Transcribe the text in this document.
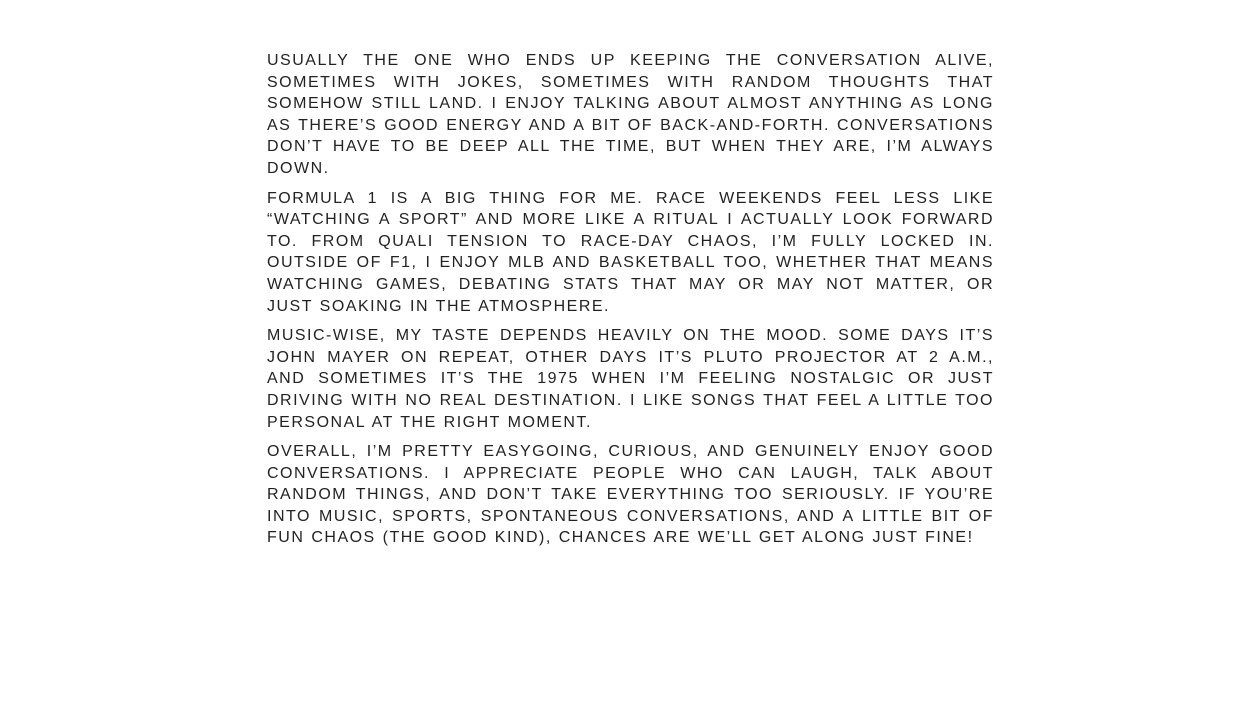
USUALLY THE ONE WHO ENDS UP KEEPING THE CONVERSATION ALIVE, SOMETIMES WITH JOKES, SOMETIMES WITH RANDOM THOUGHTS THAT SOMEHOW STILL LAND. I ENJOY TALKING ABOUT ALMOST ANYTHING AS LONG AS THERE’S GOOD ENERGY AND A BIT OF BACK-AND-FORTH. CONVERSATIONS DON’T HAVE TO BE DEEP ALL THE TIME, BUT WHEN THEY ARE, I’M ALWAYS DOWN.

FORMULA 1 IS A BIG THING FOR ME. RACE WEEKENDS FEEL LESS LIKE “WATCHING A SPORT” AND MORE LIKE A RITUAL I ACTUALLY LOOK FORWARD TO. FROM QUALI TENSION TO RACE-DAY CHAOS, I’M FULLY LOCKED IN. OUTSIDE OF F1, I ENJOY MLB AND BASKETBALL TOO, WHETHER THAT MEANS WATCHING GAMES, DEBATING STATS THAT MAY OR MAY NOT MATTER, OR JUST SOAKING IN THE ATMOSPHERE.

MUSIC-WISE, MY TASTE DEPENDS HEAVILY ON THE MOOD. SOME DAYS IT’S JOHN MAYER ON REPEAT, OTHER DAYS IT’S PLUTO PROJECTOR AT 2 A.M., AND SOMETIMES IT’S THE 1975 WHEN I’M FEELING NOSTALGIC OR JUST DRIVING WITH NO REAL DESTINATION. I LIKE SONGS THAT FEEL A LITTLE TOO PERSONAL AT THE RIGHT MOMENT.

OVERALL, I’M PRETTY EASYGOING, CURIOUS, AND GENUINELY ENJOY GOOD CONVERSATIONS. I APPRECIATE PEOPLE WHO CAN LAUGH, TALK ABOUT RANDOM THINGS, AND DON’T TAKE EVERYTHING TOO SERIOUSLY. IF YOU’RE INTO MUSIC, SPORTS, SPONTANEOUS CONVERSATIONS, AND A LITTLE BIT OF FUN CHAOS (THE GOOD KIND), CHANCES ARE WE’LL GET ALONG JUST FINE!
